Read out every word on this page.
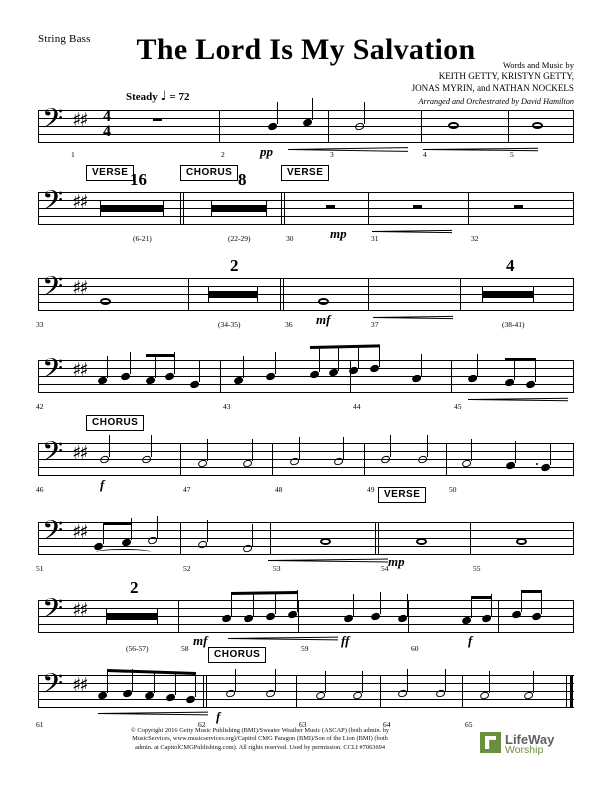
String Bass	The Lord Is My Salvation	Words and Music by
KEITH GETTY, KRISTYN GETTY,
JONAS MYRIN, and NATHAN NOCKELS
Arranged and Orchestrated by David Hamilton
Steady ♩ = 72
𝄢 ♯♯	4
4
pp
1	2	3	4	5
VERSE	CHORUS	VERSE
𝄢 ♯♯
16	8
mp
(6-21)	(22-29)	30	31	32
𝄢 ♯♯
2	4
mf
33	(34-35)	36	37	(38-41)
𝄢 ♯♯
42	43	44	45
CHORUS
𝄢 ♯♯
f
46	47	48	49	50
VERSE
𝄢 ♯♯
mp
51	52	53	54	55
𝄢 ♯♯
2
mf	ff	f
(56-57)	58	59	60
CHORUS
𝄢 ♯♯
f
61	62	63	64	65
© Copyright 2016 Getty Music Publishing (BMI)/Sweater Weather Music (ASCAP) (both admin. by
MusicServices, www.musicservices.org)/Capitol CMG Paragon (BMI)/Son of the Lion (BMI) (both
admin. at CapitolCMGPublishing.com). All rights reserved. Used by permission. CCLI #7063694
LifeWay
Worship
